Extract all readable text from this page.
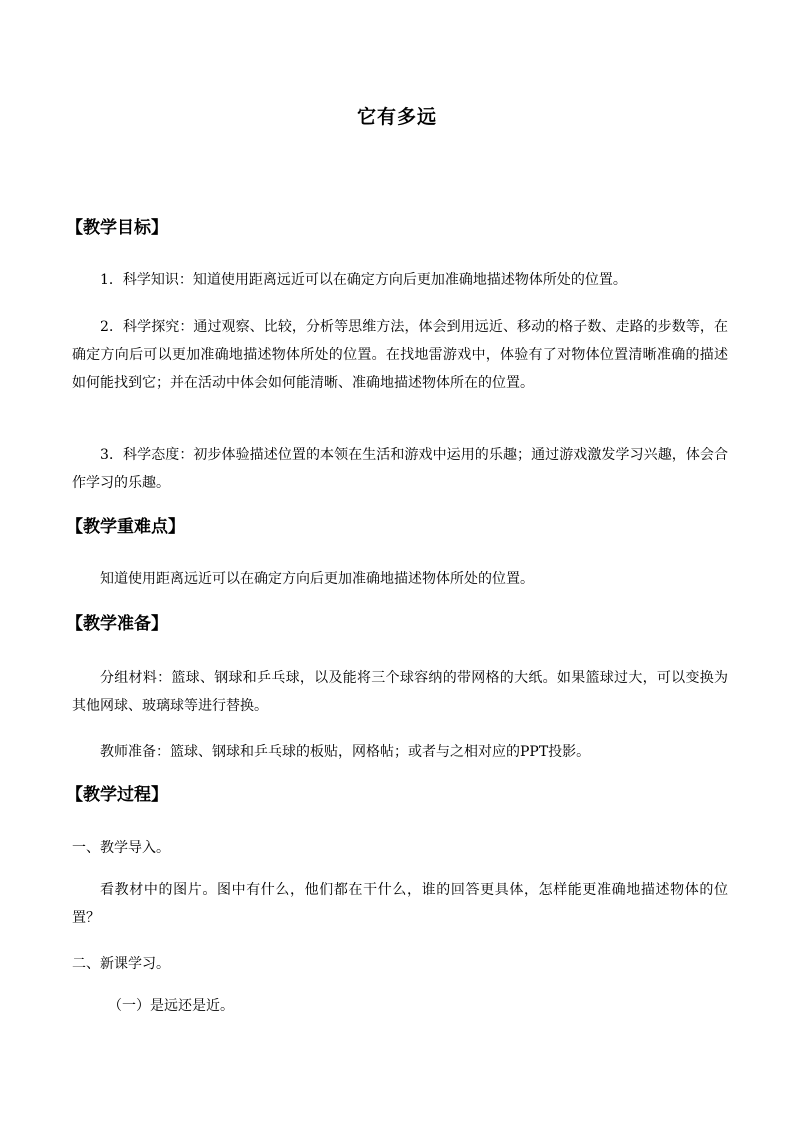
它有多远
【教学目标】

1．科学知识：知道使用距离远近可以在确定方向后更加准确地描述物体所处的位置。

2．科学探究：通过观察、比较，分析等思维方法，体会到用远近、移动的格子数、走路的步数等，在确定方向后可以更加准确地描述物体所处的位置。在找地雷游戏中，体验有了对物体位置清晰准确的描述如何能找到它；并在活动中体会如何能清晰、准确地描述物体所在的位置。

3．科学态度：初步体验描述位置的本领在生活和游戏中运用的乐趣；通过游戏激发学习兴趣，体会合作学习的乐趣。

【教学重难点】

知道使用距离远近可以在确定方向后更加准确地描述物体所处的位置。

【教学准备】

分组材料：篮球、钢球和乒乓球，以及能将三个球容纳的带网格的大纸。如果篮球过大，可以变换为其他网球、玻璃球等进行替换。

教师准备：篮球、钢球和乒乓球的板贴，网格帖；或者与之相对应的PPT投影。

【教学过程】

一、教学导入。

看教材中的图片。图中有什么，他们都在干什么，谁的回答更具体，怎样能更准确地描述物体的位置？

二、新课学习。

（一）是远还是近。
